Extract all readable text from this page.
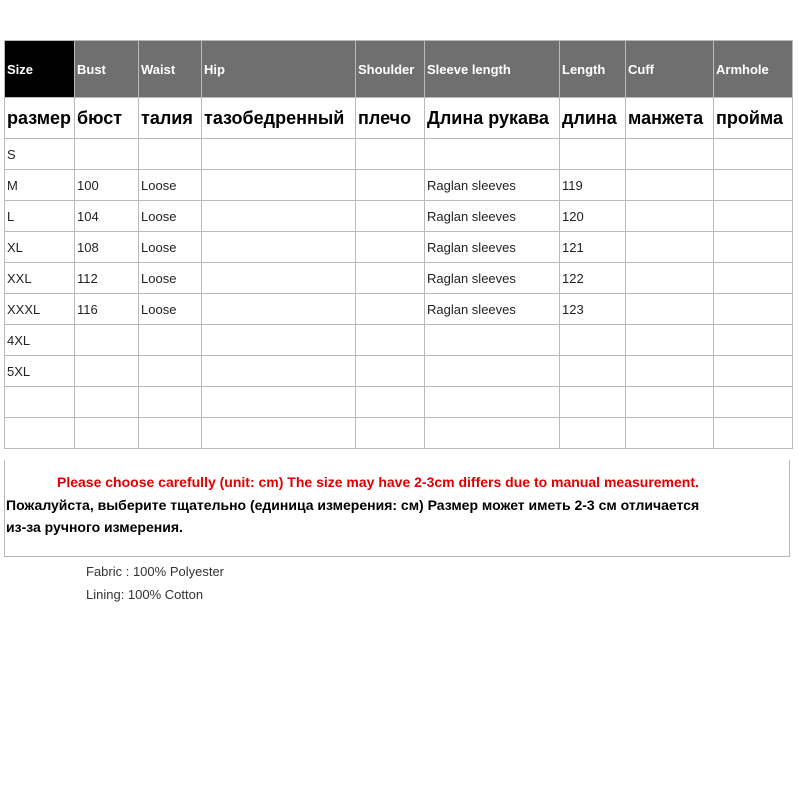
Size	Bust	Waist	Hip	Shoulder	Sleeve length	Length	Cuff	Armhole
размер	бюст	талия	тазобедренный	плечо	Длина рукава	длина	манжета	пройма
S								
M	100	Loose			Raglan sleeves	119		
L	104	Loose			Raglan sleeves	120		
XL	108	Loose			Raglan sleeves	121		
XXL	112	Loose			Raglan sleeves	122		
XXXL	116	Loose			Raglan sleeves	123		
4XL								
5XL								

Please choose carefully (unit: cm) The size may have 2-3cm differs due to manual measurement.
Пожалуйста, выберите тщательно (единица измерения: см) Размер может иметь 2-3 см отличается
из-за ручного измерения.
Fabric : 100% Polyester
Lining: 100% Cotton
